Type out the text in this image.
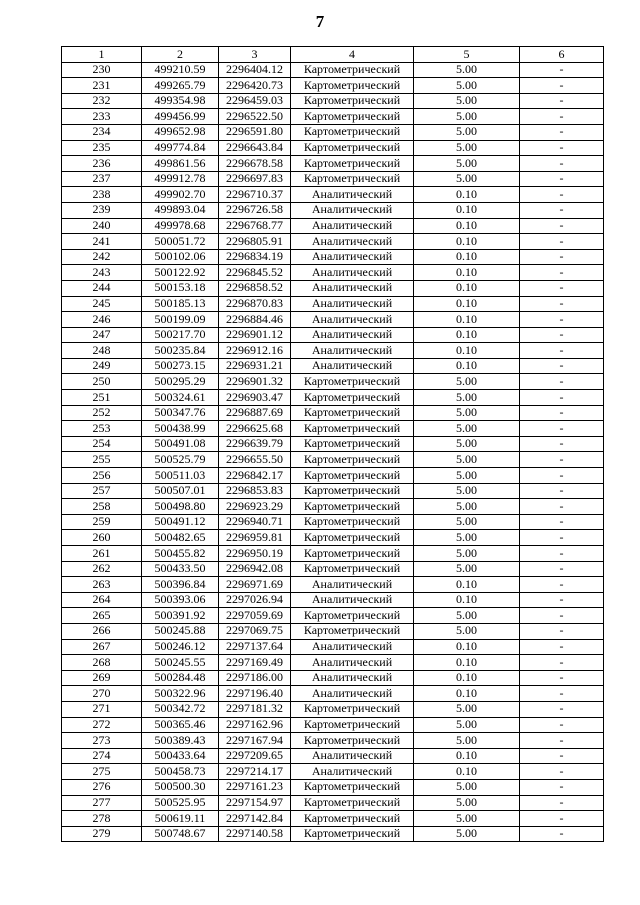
7
1	2	3	4	5	6
230	499210.59	2296404.12	Картометрический	5.00	-
231	499265.79	2296420.73	Картометрический	5.00	-
232	499354.98	2296459.03	Картометрический	5.00	-
233	499456.99	2296522.50	Картометрический	5.00	-
234	499652.98	2296591.80	Картометрический	5.00	-
235	499774.84	2296643.84	Картометрический	5.00	-
236	499861.56	2296678.58	Картометрический	5.00	-
237	499912.78	2296697.83	Картометрический	5.00	-
238	499902.70	2296710.37	Аналитический	0.10	-
239	499893.04	2296726.58	Аналитический	0.10	-
240	499978.68	2296768.77	Аналитический	0.10	-
241	500051.72	2296805.91	Аналитический	0.10	-
242	500102.06	2296834.19	Аналитический	0.10	-
243	500122.92	2296845.52	Аналитический	0.10	-
244	500153.18	2296858.52	Аналитический	0.10	-
245	500185.13	2296870.83	Аналитический	0.10	-
246	500199.09	2296884.46	Аналитический	0.10	-
247	500217.70	2296901.12	Аналитический	0.10	-
248	500235.84	2296912.16	Аналитический	0.10	-
249	500273.15	2296931.21	Аналитический	0.10	-
250	500295.29	2296901.32	Картометрический	5.00	-
251	500324.61	2296903.47	Картометрический	5.00	-
252	500347.76	2296887.69	Картометрический	5.00	-
253	500438.99	2296625.68	Картометрический	5.00	-
254	500491.08	2296639.79	Картометрический	5.00	-
255	500525.79	2296655.50	Картометрический	5.00	-
256	500511.03	2296842.17	Картометрический	5.00	-
257	500507.01	2296853.83	Картометрический	5.00	-
258	500498.80	2296923.29	Картометрический	5.00	-
259	500491.12	2296940.71	Картометрический	5.00	-
260	500482.65	2296959.81	Картометрический	5.00	-
261	500455.82	2296950.19	Картометрический	5.00	-
262	500433.50	2296942.08	Картометрический	5.00	-
263	500396.84	2296971.69	Аналитический	0.10	-
264	500393.06	2297026.94	Аналитический	0.10	-
265	500391.92	2297059.69	Картометрический	5.00	-
266	500245.88	2297069.75	Картометрический	5.00	-
267	500246.12	2297137.64	Аналитический	0.10	-
268	500245.55	2297169.49	Аналитический	0.10	-
269	500284.48	2297186.00	Аналитический	0.10	-
270	500322.96	2297196.40	Аналитический	0.10	-
271	500342.72	2297181.32	Картометрический	5.00	-
272	500365.46	2297162.96	Картометрический	5.00	-
273	500389.43	2297167.94	Картометрический	5.00	-
274	500433.64	2297209.65	Аналитический	0.10	-
275	500458.73	2297214.17	Аналитический	0.10	-
276	500500.30	2297161.23	Картометрический	5.00	-
277	500525.95	2297154.97	Картометрический	5.00	-
278	500619.11	2297142.84	Картометрический	5.00	-
279	500748.67	2297140.58	Картометрический	5.00	-
